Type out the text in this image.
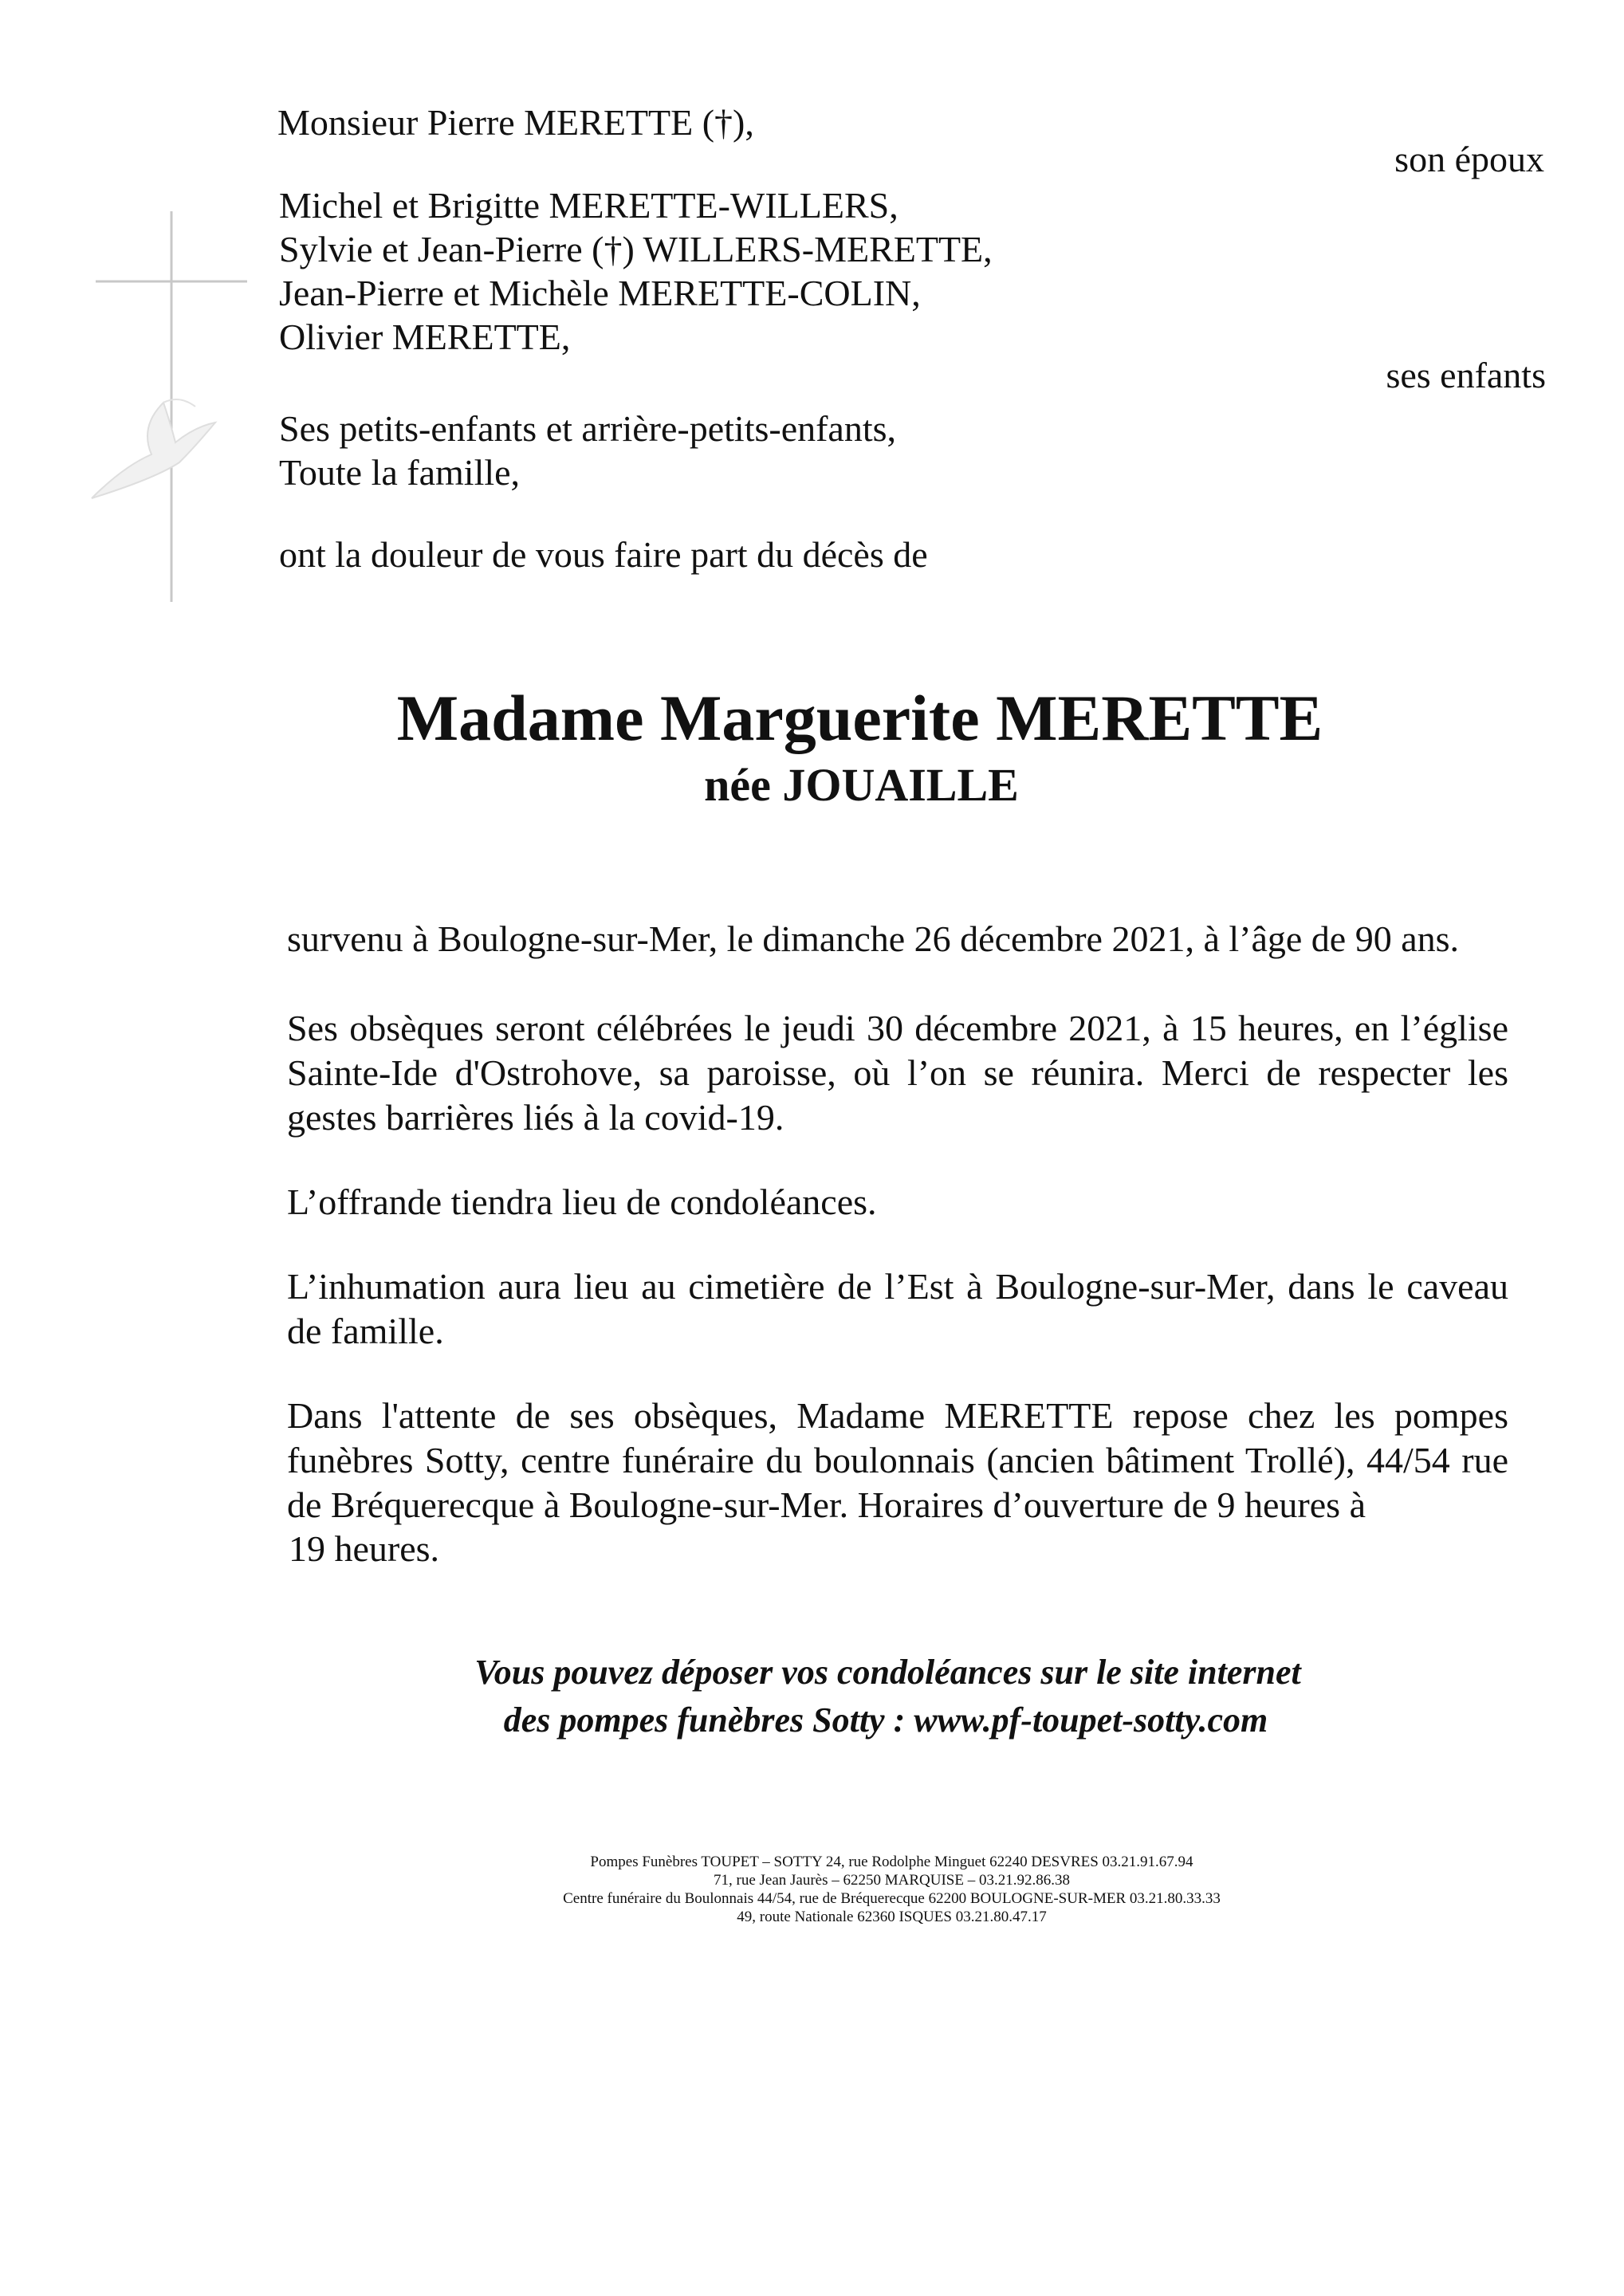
Monsieur Pierre MERETTE (†),
son époux
Michel et Brigitte MERETTE-WILLERS,
Sylvie et Jean-Pierre (†) WILLERS-MERETTE,
Jean-Pierre et Michèle MERETTE-COLIN,
Olivier MERETTE,
ses enfants
Ses petits-enfants et arrière-petits-enfants,
Toute la famille,
ont la douleur de vous faire part du décès de
Madame Marguerite MERETTE
née JOUAILLE
survenu à Boulogne-sur-Mer, le dimanche 26 décembre 2021, à l’âge de 90 ans.
Ses obsèques seront célébrées le jeudi 30 décembre 2021, à 15 heures, en l’église Sainte-Ide d'Ostrohove, sa paroisse, où l’on se réunira. Merci de respecter les gestes barrières liés à la covid-19.
L’offrande tiendra lieu de condoléances.
L’inhumation aura lieu au cimetière de l’Est à Boulogne-sur-Mer, dans le caveau de famille.
Dans l'attente de ses obsèques, Madame MERETTE repose chez les pompes funèbres Sotty, centre funéraire du boulonnais (ancien bâtiment Trollé), 44/54 rue de Bréquerecque à Boulogne-sur-Mer. Horaires d’ouverture de 9 heures à
19 heures.
Vous pouvez déposer vos condoléances sur le site internet
des pompes funèbres Sotty : www.pf-toupet-sotty.com
Pompes Funèbres TOUPET – SOTTY 24, rue Rodolphe Minguet 62240 DESVRES 03.21.91.67.94
71, rue Jean Jaurès – 62250 MARQUISE – 03.21.92.86.38
Centre funéraire du Boulonnais 44/54, rue de Bréquerecque 62200 BOULOGNE-SUR-MER 03.21.80.33.33
49, route Nationale 62360 ISQUES 03.21.80.47.17
